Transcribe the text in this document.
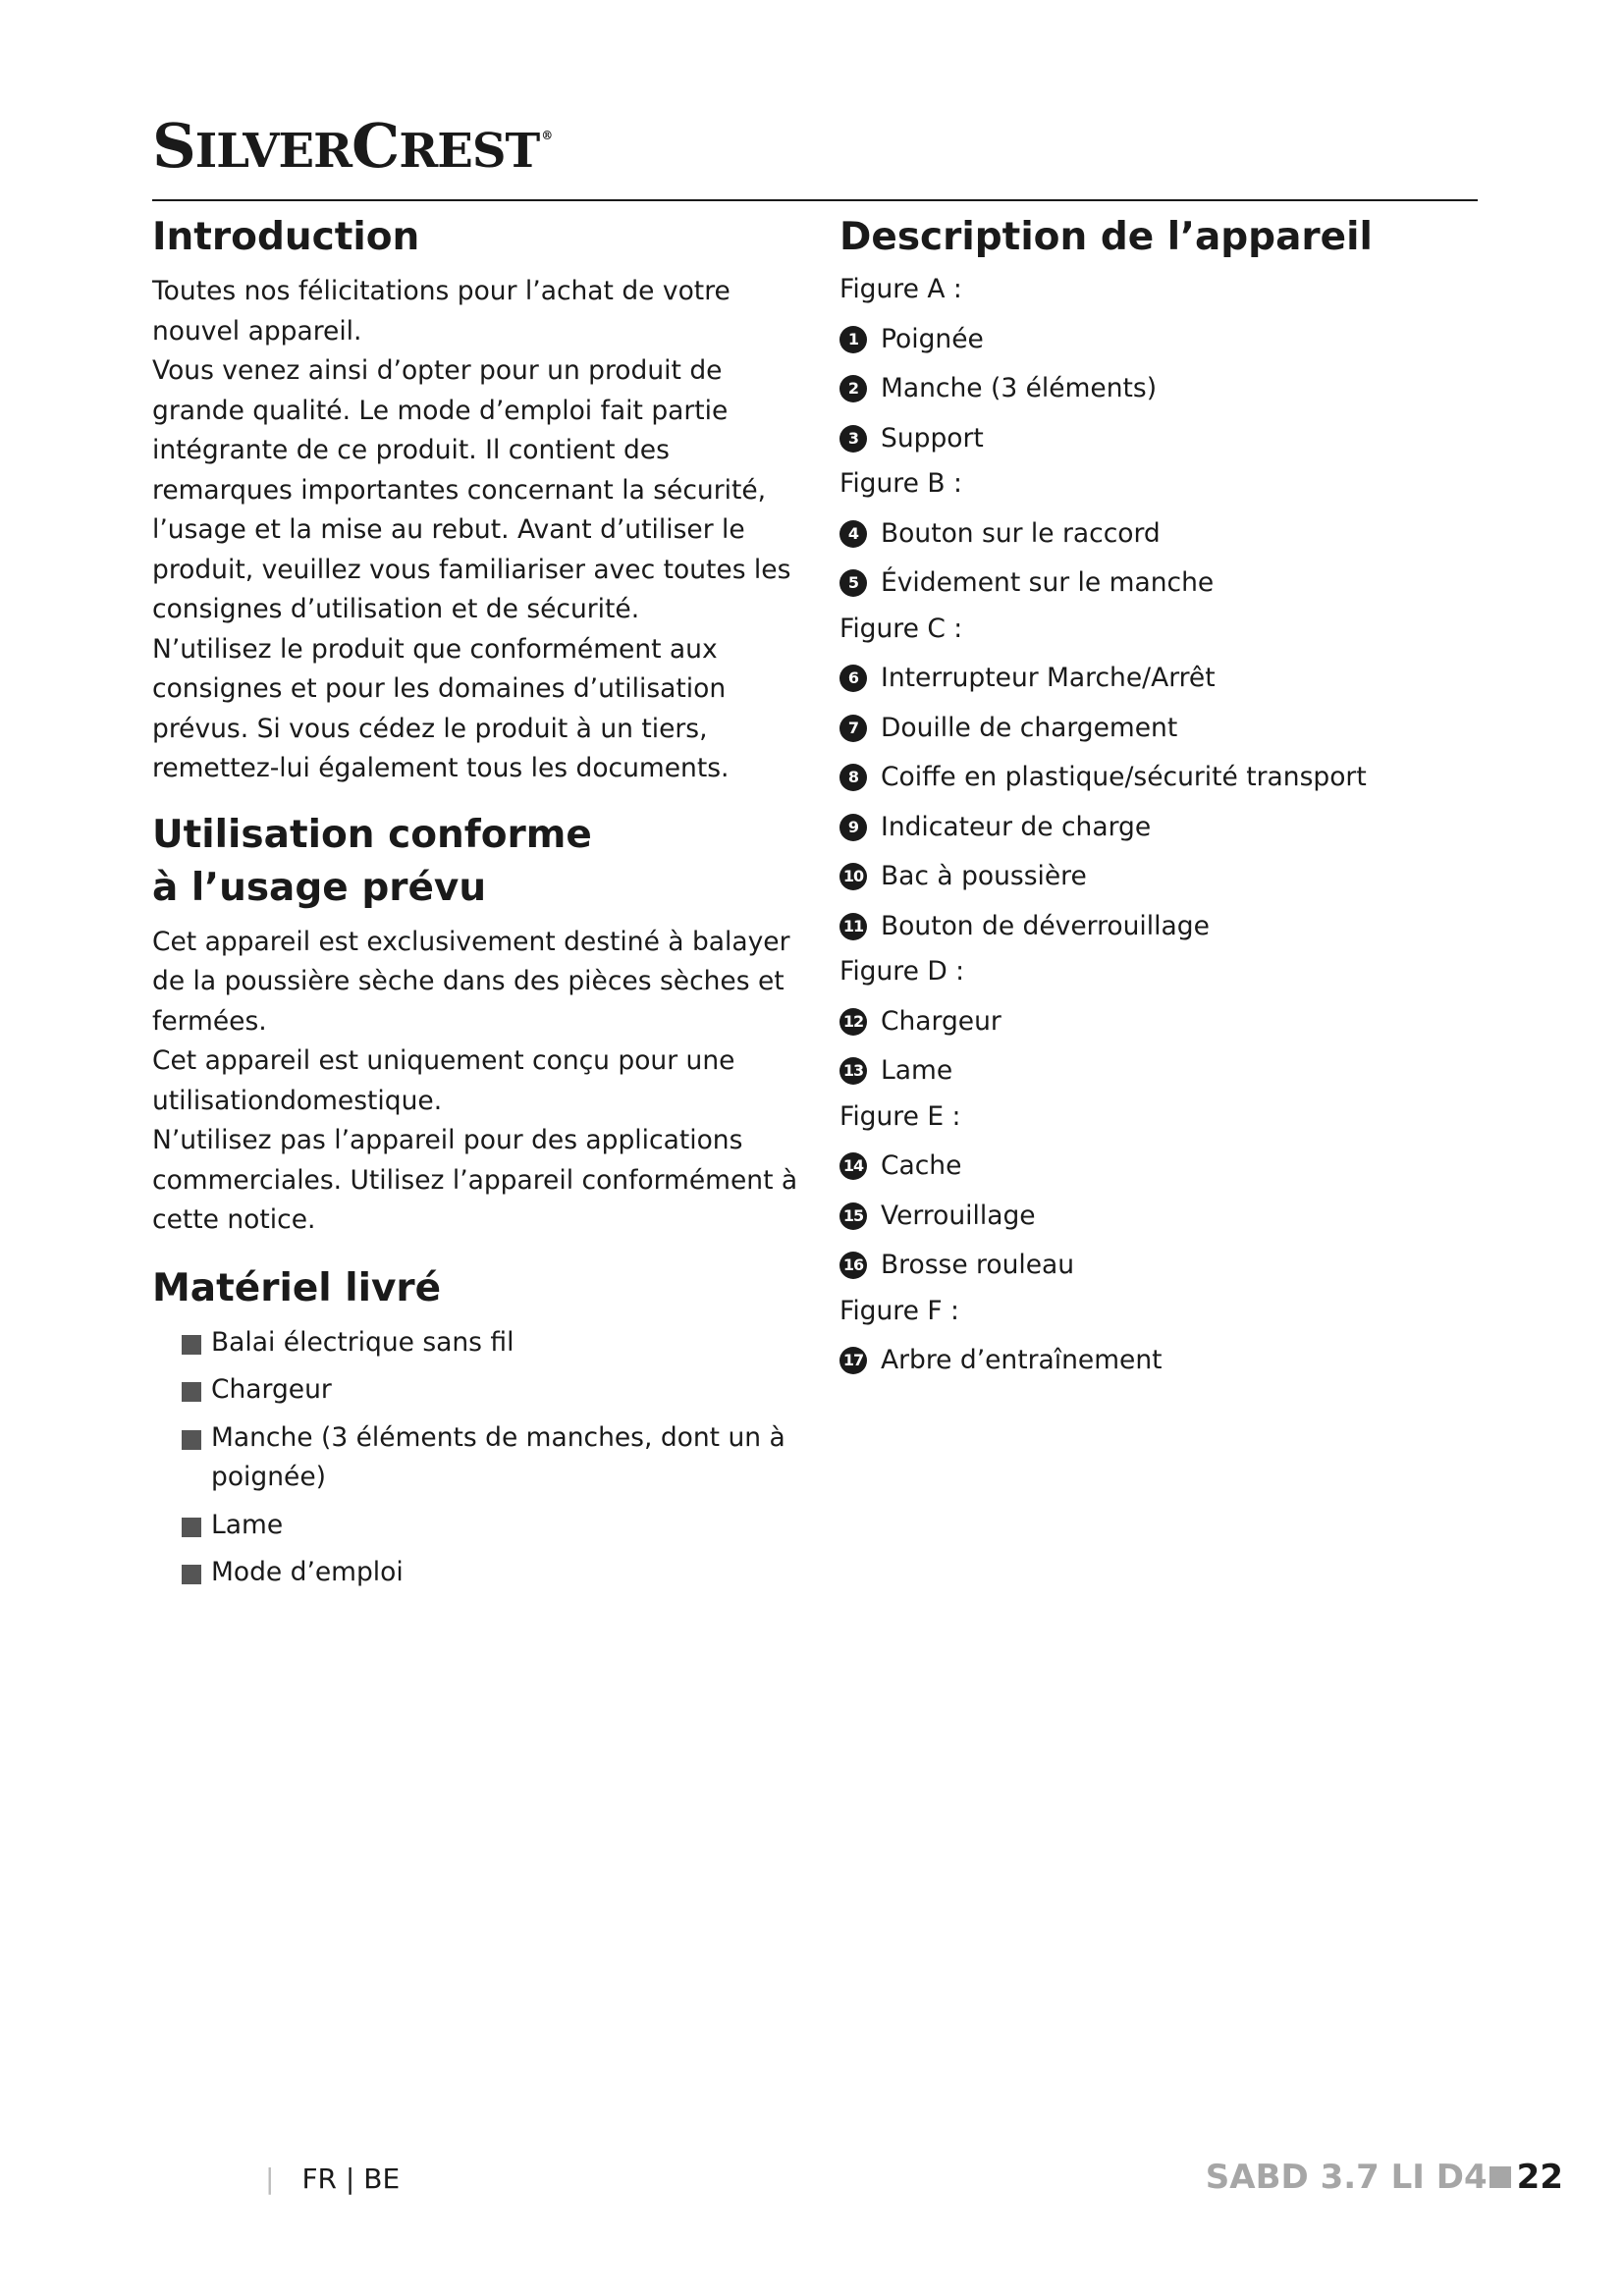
SILVERCREST ®
Introduction

Toutes nos félicitations pour l’achat de votre nouvel appareil.

Vous venez ainsi d’opter pour un produit de grande qualité. Le mode d’emploi fait partie intégrante de ce produit. Il contient des remarques importantes concernant la sécurité, l’usage et la mise au rebut. Avant d’utiliser le produit, veuillez vous familiariser avec toutes les consignes d’utilisation et de sécurité.

N’utilisez le produit que conformément aux consignes et pour les domaines d’utilisation prévus. Si vous cédez le produit à un tiers, remettez-lui également tous les documents.

Utilisation conforme
à l’usage prévu

Cet appareil est exclusivement destiné à balayer de la poussière sèche dans des pièces sèches et fermées.

Cet appareil est uniquement conçu pour une utilisationdomestique.

N’utilisez pas l’appareil pour des applications commerciales. Utilisez l’appareil conformément à cette notice.

Matériel livré
Balai électrique sans fil
Chargeur
Manche (3 éléments de manches, dont un à poignée)
Lame
Mode d’emploi
Description de l’appareil
Figure A :
1 Poignée
2 Manche (3 éléments)
3 Support
Figure B :
4 Bouton sur le raccord
5 Évidement sur le manche
Figure C :
6 Interrupteur Marche/Arrêt
7 Douille de chargement
8 Coiffe en plastique/sécurité transport
9 Indicateur de charge
10 Bac à poussière
11 Bouton de déverrouillage
Figure D :
12 Chargeur
13 Lame
Figure E :
14 Cache
15 Verrouillage
16 Brosse rouleau
Figure F :
17 Arbre d’entraînement
| FR | BE	SABD 3.7 LI D4 22
